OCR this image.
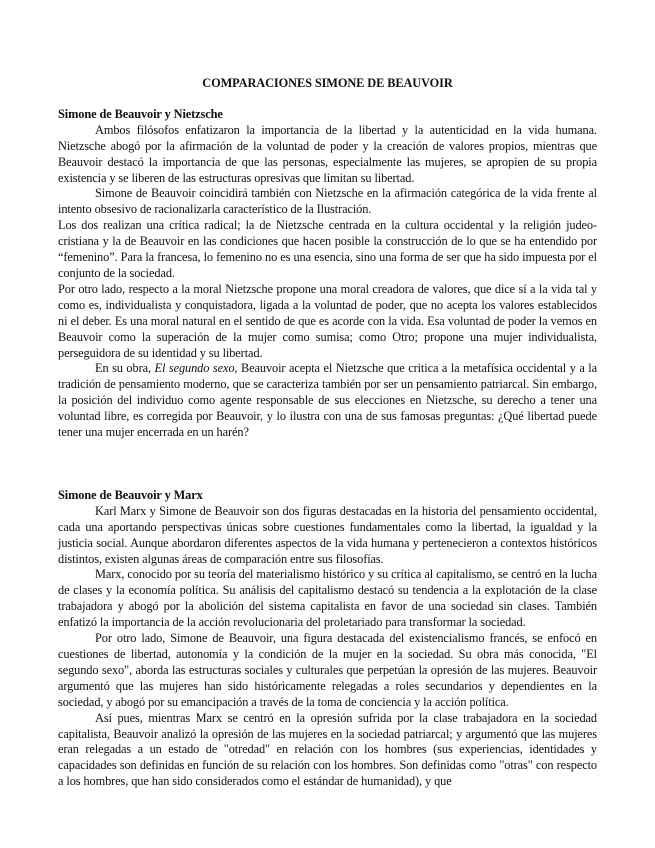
COMPARACIONES SIMONE DE BEAUVOIR

Simone de Beauvoir y Nietzsche

Ambos filósofos enfatizaron la importancia de la libertad y la autenticidad en la vida humana. Nietzsche abogó por la afirmación de la voluntad de poder y la creación de valores propios, mientras que Beauvoir destacó la importancia de que las personas, especialmente las mujeres, se apropien de su propia existencia y se liberen de las estructuras opresivas que limitan su libertad.

Simone de Beauvoir coincidirá también con Nietzsche en la afirmación categórica de la vida frente al intento obsesivo de racionalizarla característico de la Ilustración.

Los dos realizan una crítica radical; la de Nietzsche centrada en la cultura occidental y la religión judeo-cristiana y la de Beauvoir en las condiciones que hacen posible la construcción de lo que se ha entendido por “femenino”. Para la francesa, lo femenino no es una esencia, sino una forma de ser que ha sido impuesta por el conjunto de la sociedad.

Por otro lado, respecto a la moral Nietzsche propone una moral creadora de valores, que dice sí a la vida tal y como es, individualista y conquistadora, ligada a la voluntad de poder, que no acepta los valores establecidos ni el deber. Es una moral natural en el sentido de que es acorde con la vida. Esa voluntad de poder la vemos en Beauvoir como la superación de la mujer como sumisa; como Otro; propone una mujer individualista, perseguidora de su identidad y su libertad.

En su obra, El segundo sexo, Beauvoir acepta el Nietzsche que critica a la metafísica occidental y a la tradición de pensamiento moderno, que se caracteriza también por ser un pensamiento patriarcal. Sin embargo, la posición del individuo como agente responsable de sus elecciones en Nietzsche, su derecho a tener una voluntad libre, es corregida por Beauvoir, y lo ilustra con una de sus famosas preguntas: ¿Qué libertad puede tener una mujer encerrada en un harén?

Simone de Beauvoir y Marx

Karl Marx y Simone de Beauvoir son dos figuras destacadas en la historia del pensamiento occidental, cada una aportando perspectivas únicas sobre cuestiones fundamentales como la libertad, la igualdad y la justicia social. Aunque abordaron diferentes aspectos de la vida humana y pertenecieron a contextos históricos distintos, existen algunas áreas de comparación entre sus filosofías.

Marx, conocido por su teoría del materialismo histórico y su crítica al capitalismo, se centró en la lucha de clases y la economía política. Su análisis del capitalismo destacó su tendencia a la explotación de la clase trabajadora y abogó por la abolición del sistema capitalista en favor de una sociedad sin clases. También enfatizó la importancia de la acción revolucionaria del proletariado para transformar la sociedad.

Por otro lado, Simone de Beauvoir, una figura destacada del existencialismo francés, se enfocó en cuestiones de libertad, autonomía y la condición de la mujer en la sociedad. Su obra más conocida, "El segundo sexo", aborda las estructuras sociales y culturales que perpetúan la opresión de las mujeres. Beauvoir argumentó que las mujeres han sido históricamente relegadas a roles secundarios y dependientes en la sociedad, y abogó por su emancipación a través de la toma de conciencia y la acción política.

Así pues, mientras Marx se centró en la opresión sufrida por la clase trabajadora en la sociedad capitalista, Beauvoir analizó la opresión de las mujeres en la sociedad patriarcal; y argumentó que las mujeres eran relegadas a un estado de "otredad" en relación con los hombres (sus experiencias, identidades y capacidades son definidas en función de su relación con los hombres. Son definidas como "otras" con respecto a los hombres, que han sido considerados como el estándar de humanidad), y que
